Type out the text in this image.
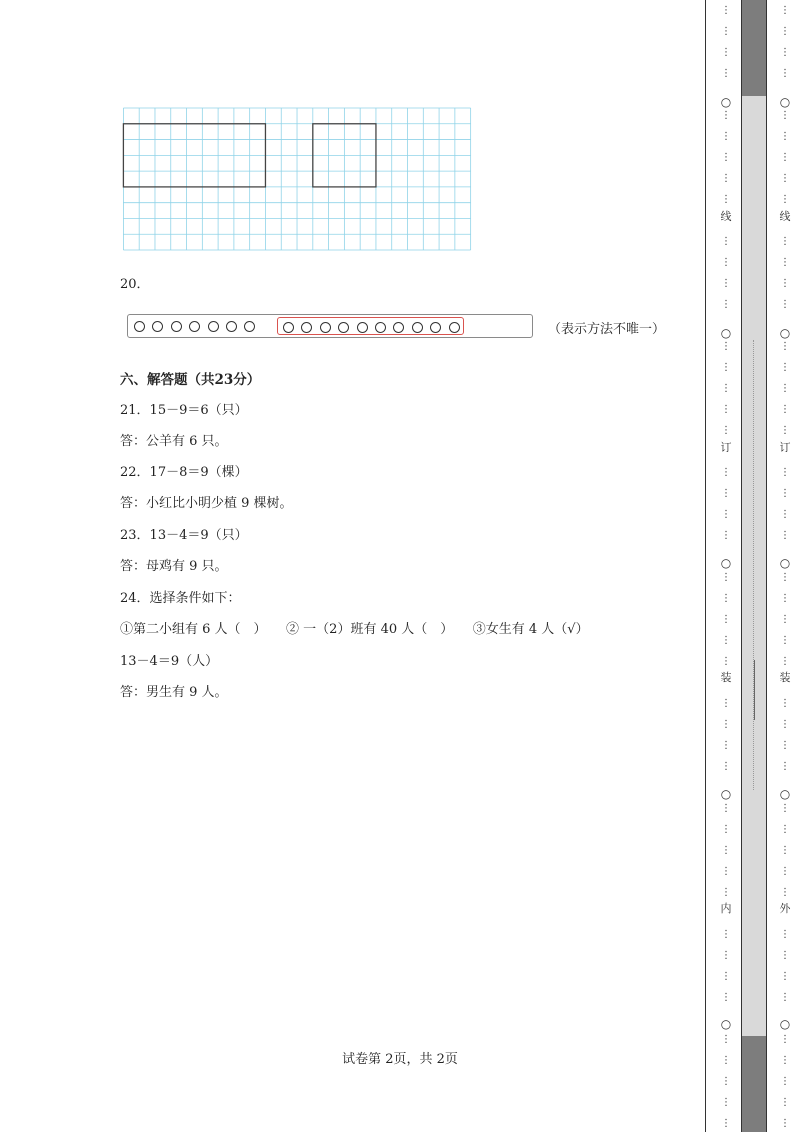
20．
（表示方法不唯一）
六、解答题（共23分）
21．15－9＝6（只）
答：公羊有 6 只。
22．17－8＝9（棵）
答：小红比小明少植 9 棵树。
23．13－4＝9（只）
答：母鸡有 9 只。
24．选择条件如下：
①第二小组有 6 人（　）　　② 一（2）班有 40 人（　）　　③女生有 4 人（√）
13－4＝9（人）
答：男生有 9 人。
试卷第 2页，共 2页
⋮
⋮
⋮
⋮
⋮
⋮
⋮
⋮
⋮
⋮
⋮
⋮
⋮
⋮
⋮
⋮
⋮
⋮
⋮
⋮
⋮
⋮
⋮
⋮
⋮
⋮
⋮
⋮
⋮
⋮
⋮
⋮
⋮
⋮
⋮
⋮
⋮
⋮
⋮
⋮
⋮
⋮
⋮
⋮
⋮
○
○
○
○
○
线
订
装
内
⋮
⋮
⋮
⋮
⋮
⋮
⋮
⋮
⋮
⋮
⋮
⋮
⋮
⋮
⋮
⋮
⋮
⋮
⋮
⋮
⋮
⋮
⋮
⋮
⋮
⋮
⋮
⋮
⋮
⋮
⋮
⋮
⋮
⋮
⋮
⋮
⋮
⋮
⋮
⋮
⋮
⋮
⋮
⋮
⋮
○
○
○
○
○
线
订
装
外
